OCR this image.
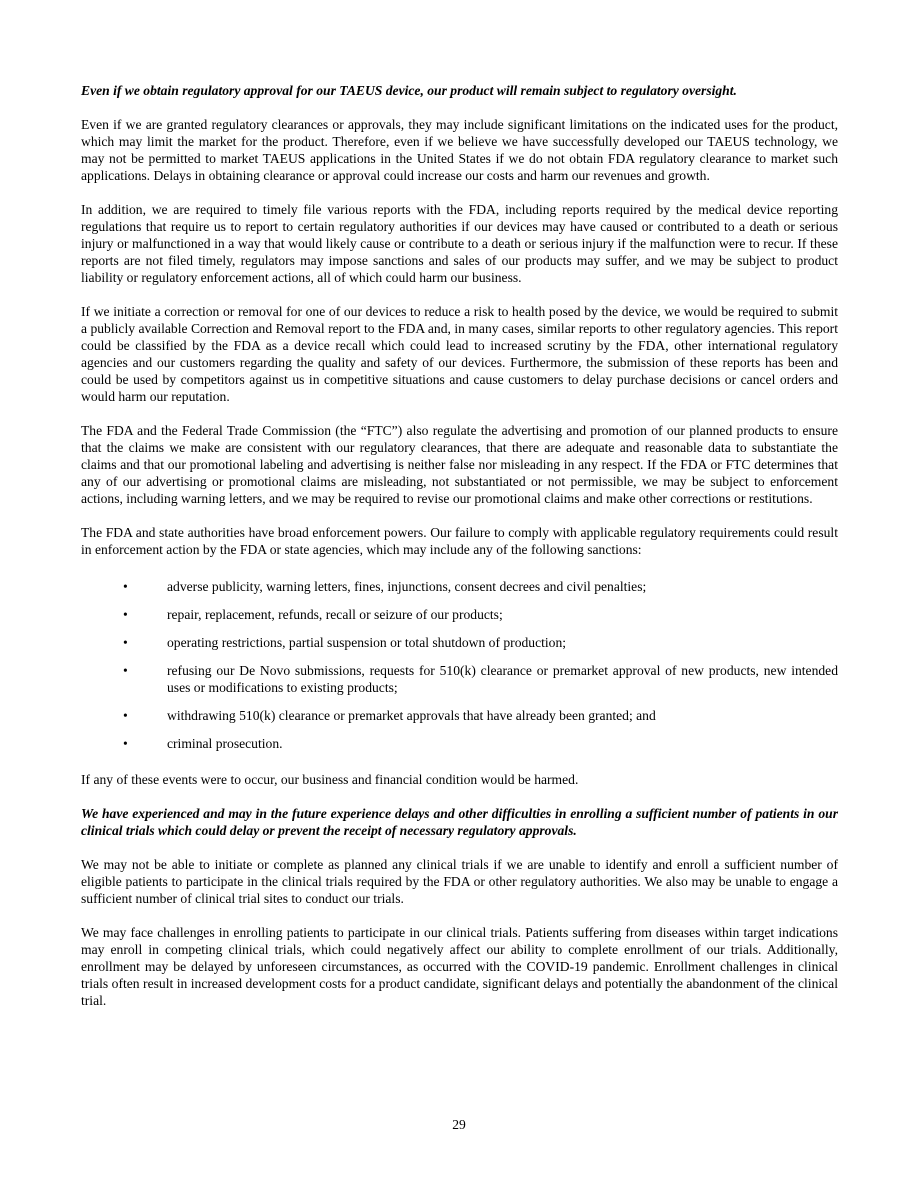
Even if we obtain regulatory approval for our TAEUS device, our product will remain subject to regulatory oversight.

Even if we are granted regulatory clearances or approvals, they may include significant limitations on the indicated uses for the product, which may limit the market for the product. Therefore, even if we believe we have successfully developed our TAEUS technology, we may not be permitted to market TAEUS applications in the United States if we do not obtain FDA regulatory clearance to market such applications. Delays in obtaining clearance or approval could increase our costs and harm our revenues and growth.

In addition, we are required to timely file various reports with the FDA, including reports required by the medical device reporting regulations that require us to report to certain regulatory authorities if our devices may have caused or contributed to a death or serious injury or malfunctioned in a way that would likely cause or contribute to a death or serious injury if the malfunction were to recur. If these reports are not filed timely, regulators may impose sanctions and sales of our products may suffer, and we may be subject to product liability or regulatory enforcement actions, all of which could harm our business.

If we initiate a correction or removal for one of our devices to reduce a risk to health posed by the device, we would be required to submit a publicly available Correction and Removal report to the FDA and, in many cases, similar reports to other regulatory agencies. This report could be classified by the FDA as a device recall which could lead to increased scrutiny by the FDA, other international regulatory agencies and our customers regarding the quality and safety of our devices. Furthermore, the submission of these reports has been and could be used by competitors against us in competitive situations and cause customers to delay purchase decisions or cancel orders and would harm our reputation.

The FDA and the Federal Trade Commission (the “FTC”) also regulate the advertising and promotion of our planned products to ensure that the claims we make are consistent with our regulatory clearances, that there are adequate and reasonable data to substantiate the claims and that our promotional labeling and advertising is neither false nor misleading in any respect. If the FDA or FTC determines that any of our advertising or promotional claims are misleading, not substantiated or not permissible, we may be subject to enforcement actions, including warning letters, and we may be required to revise our promotional claims and make other corrections or restitutions.

The FDA and state authorities have broad enforcement powers. Our failure to comply with applicable regulatory requirements could result in enforcement action by the FDA or state agencies, which may include any of the following sanctions:

•	adverse publicity, warning letters, fines, injunctions, consent decrees and civil penalties;
•	repair, replacement, refunds, recall or seizure of our products;
•	operating restrictions, partial suspension or total shutdown of production;
•	refusing our De Novo submissions, requests for 510(k) clearance or premarket approval of new products, new intended uses or modifications to existing products;
•	withdrawing 510(k) clearance or premarket approvals that have already been granted; and
•	criminal prosecution.

If any of these events were to occur, our business and financial condition would be harmed.

We have experienced and may in the future experience delays and other difficulties in enrolling a sufficient number of patients in our clinical trials which could delay or prevent the receipt of necessary regulatory approvals.

We may not be able to initiate or complete as planned any clinical trials if we are unable to identify and enroll a sufficient number of eligible patients to participate in the clinical trials required by the FDA or other regulatory authorities. We also may be unable to engage a sufficient number of clinical trial sites to conduct our trials.

We may face challenges in enrolling patients to participate in our clinical trials. Patients suffering from diseases within target indications may enroll in competing clinical trials, which could negatively affect our ability to complete enrollment of our trials. Additionally, enrollment may be delayed by unforeseen circumstances, as occurred with the COVID-19 pandemic. Enrollment challenges in clinical trials often result in increased development costs for a product candidate, significant delays and potentially the abandonment of the clinical trial.

29
